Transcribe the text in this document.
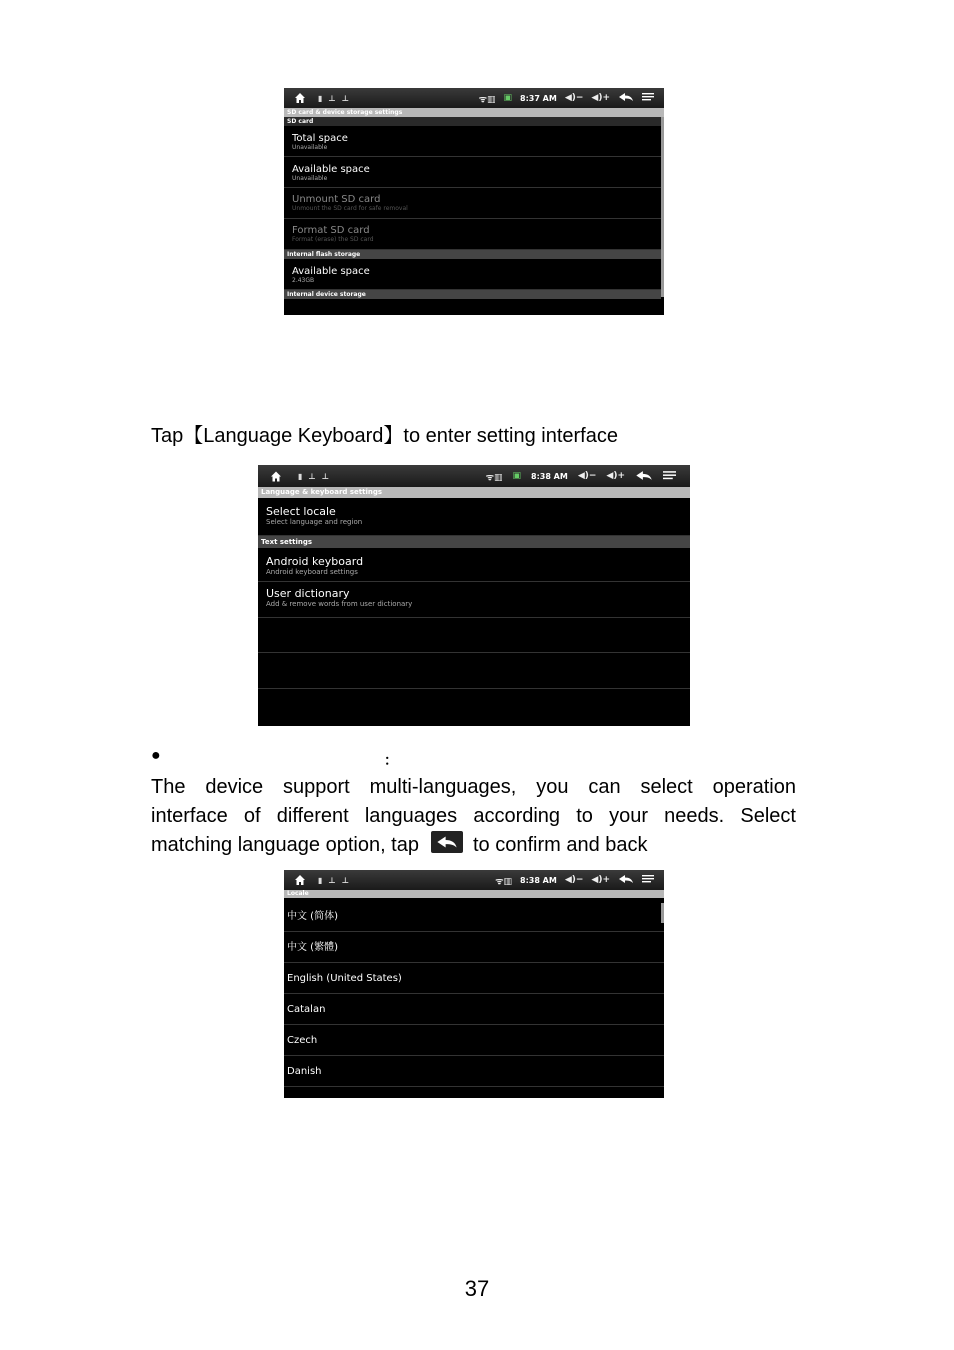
▮ ⊥ ⊥	ᯤ▥ ▣ 8:37 AM ◀)− ◀)+
SD card & device storage settings
SD card
Total space
Unavailable
Available space
Unavailable
Unmount SD card
Unmount the SD card for safe removal
Format SD card
Format (erase) the SD card
Internal flash storage
Available space
2.43GB
Internal device storage
Tap【Language Keyboard】to enter setting interface
▮ ⊥ ⊥	ᯤ▥ ▣ 8:38 AM ◀)− ◀)+
Language & keyboard settings
Select locale
Select language and region
Text settings
Android keyboard
Android keyboard settings
User dictionary
Add & remove words from user dictionary
●	：
The device support multi-languages, you can select operation
interface of different languages according to your needs. Select
matching language option, tap	to confirm and back
▮ ⊥ ⊥	ᯤ▥ 8:38 AM ◀)− ◀)+
Locale
中文 (简体)
中文 (繁體)
English (United States)
Catalan
Czech
Danish
37
